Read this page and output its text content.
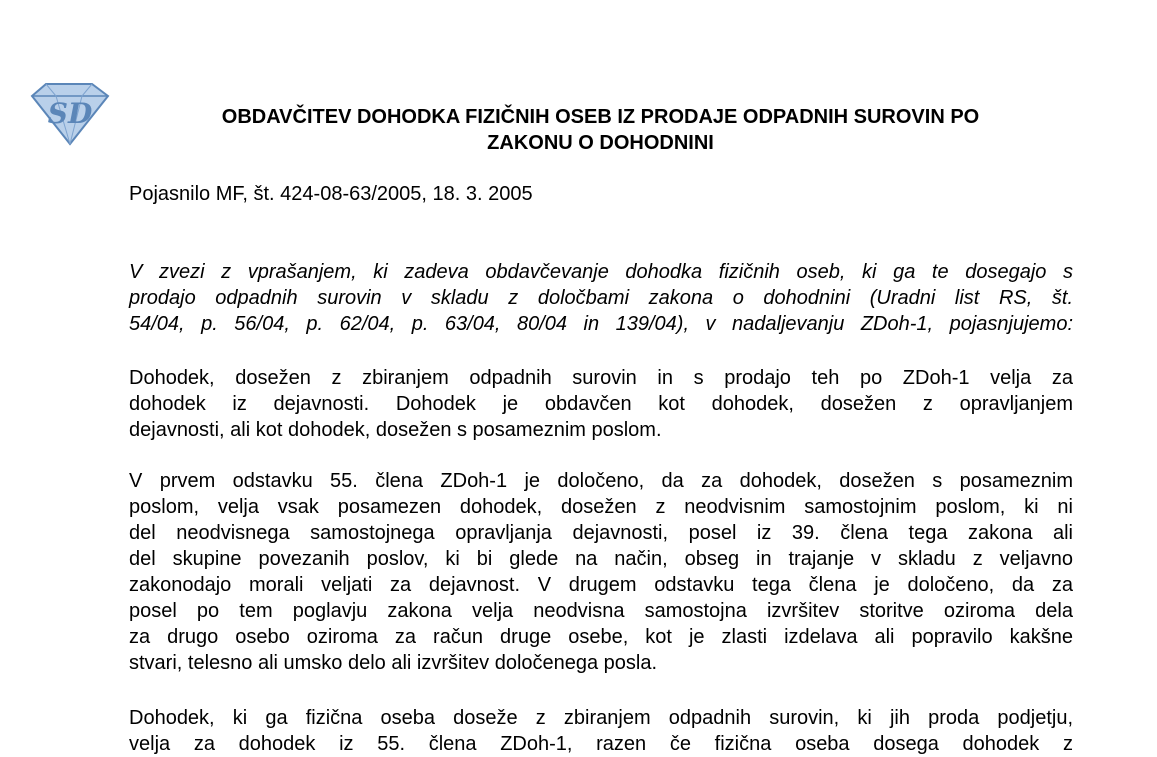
SD	OBDAVČITEV DOHODKA FIZIČNIH OSEB IZ PRODAJE ODPADNIH SUROVIN PO
ZAKONU O DOHODNINI

Pojasnilo MF, št. 424-08-63/2005, 18. 3. 2005

V zvezi z vprašanjem, ki zadeva obdavčevanje dohodka fizičnih oseb, ki ga te dosegajo s
prodajo odpadnih surovin v skladu z določbami zakona o dohodnini (Uradni list RS, št.
54/04, p. 56/04, p. 62/04, p. 63/04, 80/04 in 139/04), v nadaljevanju ZDoh-1, pojasnjujemo:
Dohodek, dosežen z zbiranjem odpadnih surovin in s prodajo teh po ZDoh-1 velja za
dohodek iz dejavnosti. Dohodek je obdavčen kot dohodek, dosežen z opravljanjem
dejavnosti, ali kot dohodek, dosežen s posameznim poslom.
V prvem odstavku 55. člena ZDoh-1 je določeno, da za dohodek, dosežen s posameznim
poslom, velja vsak posamezen dohodek, dosežen z neodvisnim samostojnim poslom, ki ni
del neodvisnega samostojnega opravljanja dejavnosti, posel iz 39. člena tega zakona ali
del skupine povezanih poslov, ki bi glede na način, obseg in trajanje v skladu z veljavno
zakonodajo morali veljati za dejavnost. V drugem odstavku tega člena je določeno, da za
posel po tem poglavju zakona velja neodvisna samostojna izvršitev storitve oziroma dela
za drugo osebo oziroma za račun druge osebe, kot je zlasti izdelava ali popravilo kakšne
stvari, telesno ali umsko delo ali izvršitev določenega posla.
Dohodek, ki ga fizična oseba doseže z zbiranjem odpadnih surovin, ki jih proda podjetju,
velja za dohodek iz 55. člena ZDoh-1, razen če fizična oseba dosega dohodek z
